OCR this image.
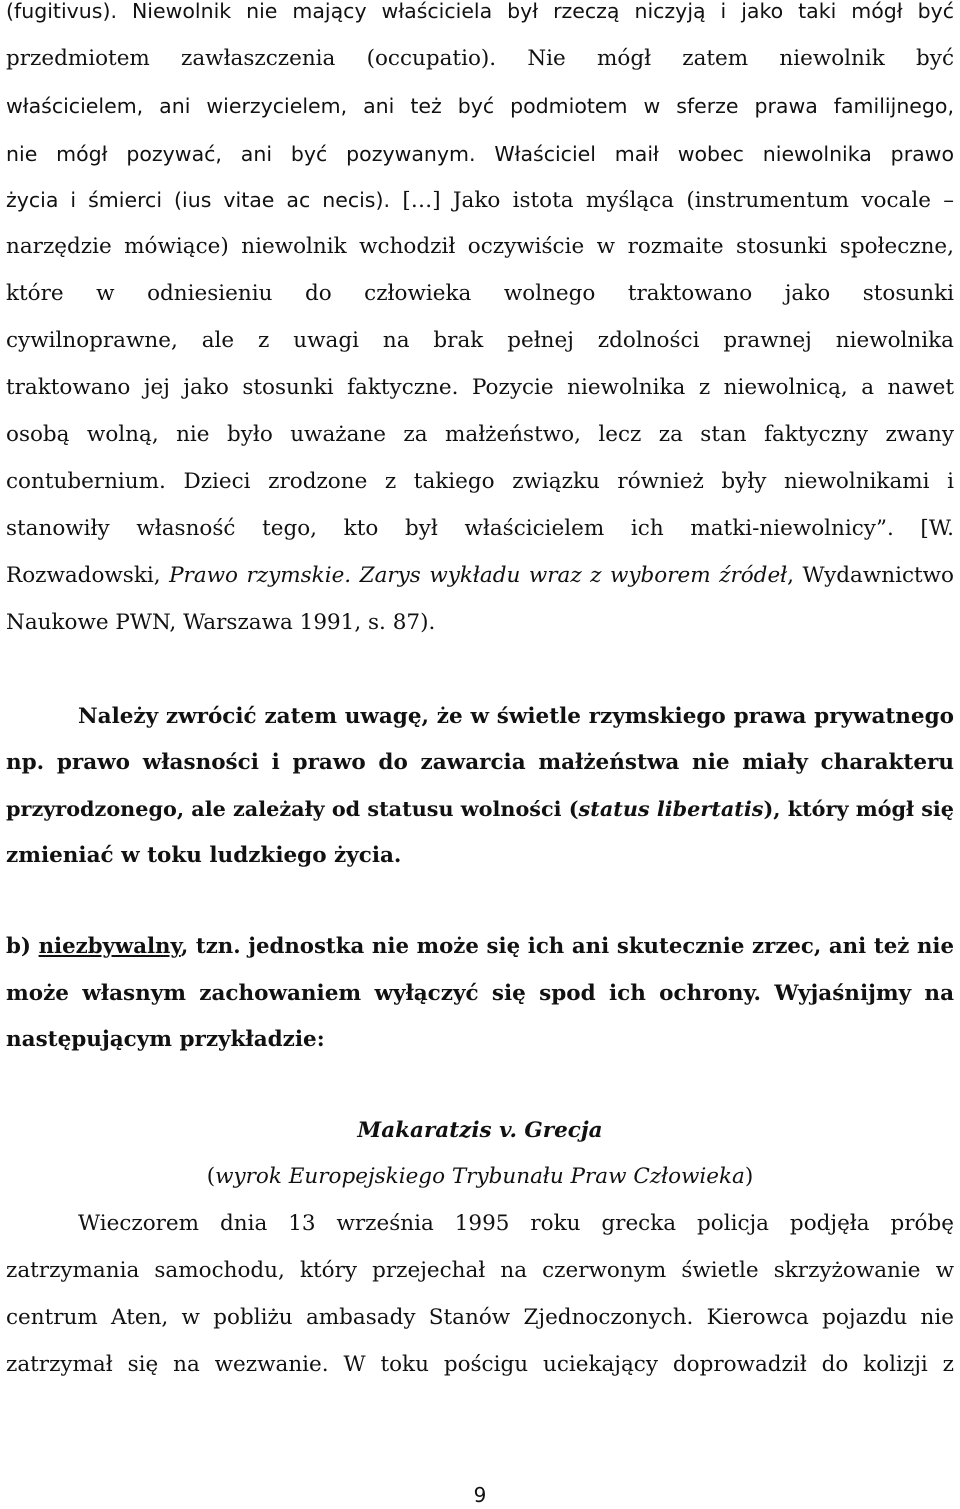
(fugitivus). Niewolnik nie mający właściciela był rzeczą niczyją i jako taki mógł być

przedmiotem zawłaszczenia (occupatio). Nie mógł zatem niewolnik być

właścicielem, ani wierzycielem, ani też być podmiotem w sferze prawa familijnego,

nie mógł pozywać, ani być pozywanym. Właściciel maił wobec niewolnika prawo

życia i śmierci (ius vitae ac necis). […] Jako istota myśląca (instrumentum vocale –

narzędzie mówiące) niewolnik wchodził oczywiście w rozmaite stosunki społeczne,

które w odniesieniu do człowieka wolnego traktowano jako stosunki

cywilnoprawne, ale z uwagi na brak pełnej zdolności prawnej niewolnika

traktowano jej jako stosunki faktyczne. Pozycie niewolnika z niewolnicą, a nawet

osobą wolną, nie było uważane za małżeństwo, lecz za stan faktyczny zwany

contubernium. Dzieci zrodzone z takiego związku również były niewolnikami i

stanowiły własność tego, kto był właścicielem ich matki-niewolnicy”. [W.

Rozwadowski, Prawo rzymskie. Zarys wykładu wraz z wyborem źródeł, Wydawnictwo

Naukowe PWN, Warszawa 1991, s. 87).

Należy zwrócić zatem uwagę, że w świetle rzymskiego prawa prywatnego

np. prawo własności i prawo do zawarcia małżeństwa nie miały charakteru

przyrodzonego, ale zależały od statusu wolności (status libertatis), który mógł się

zmieniać w toku ludzkiego życia.

b) niezbywalny, tzn. jednostka nie może się ich ani skutecznie zrzec, ani też nie

może własnym zachowaniem wyłączyć się spod ich ochrony. Wyjaśnijmy na

następującym przykładzie:

Makaratzis v. Grecja

(wyrok Europejskiego Trybunału Praw Człowieka)

Wieczorem dnia 13 września 1995 roku grecka policja podjęła próbę

zatrzymania samochodu, który przejechał na czerwonym świetle skrzyżowanie w

centrum Aten, w pobliżu ambasady Stanów Zjednoczonych. Kierowca pojazdu nie

zatrzymał się na wezwanie. W toku pościgu uciekający doprowadził do kolizji z

9
